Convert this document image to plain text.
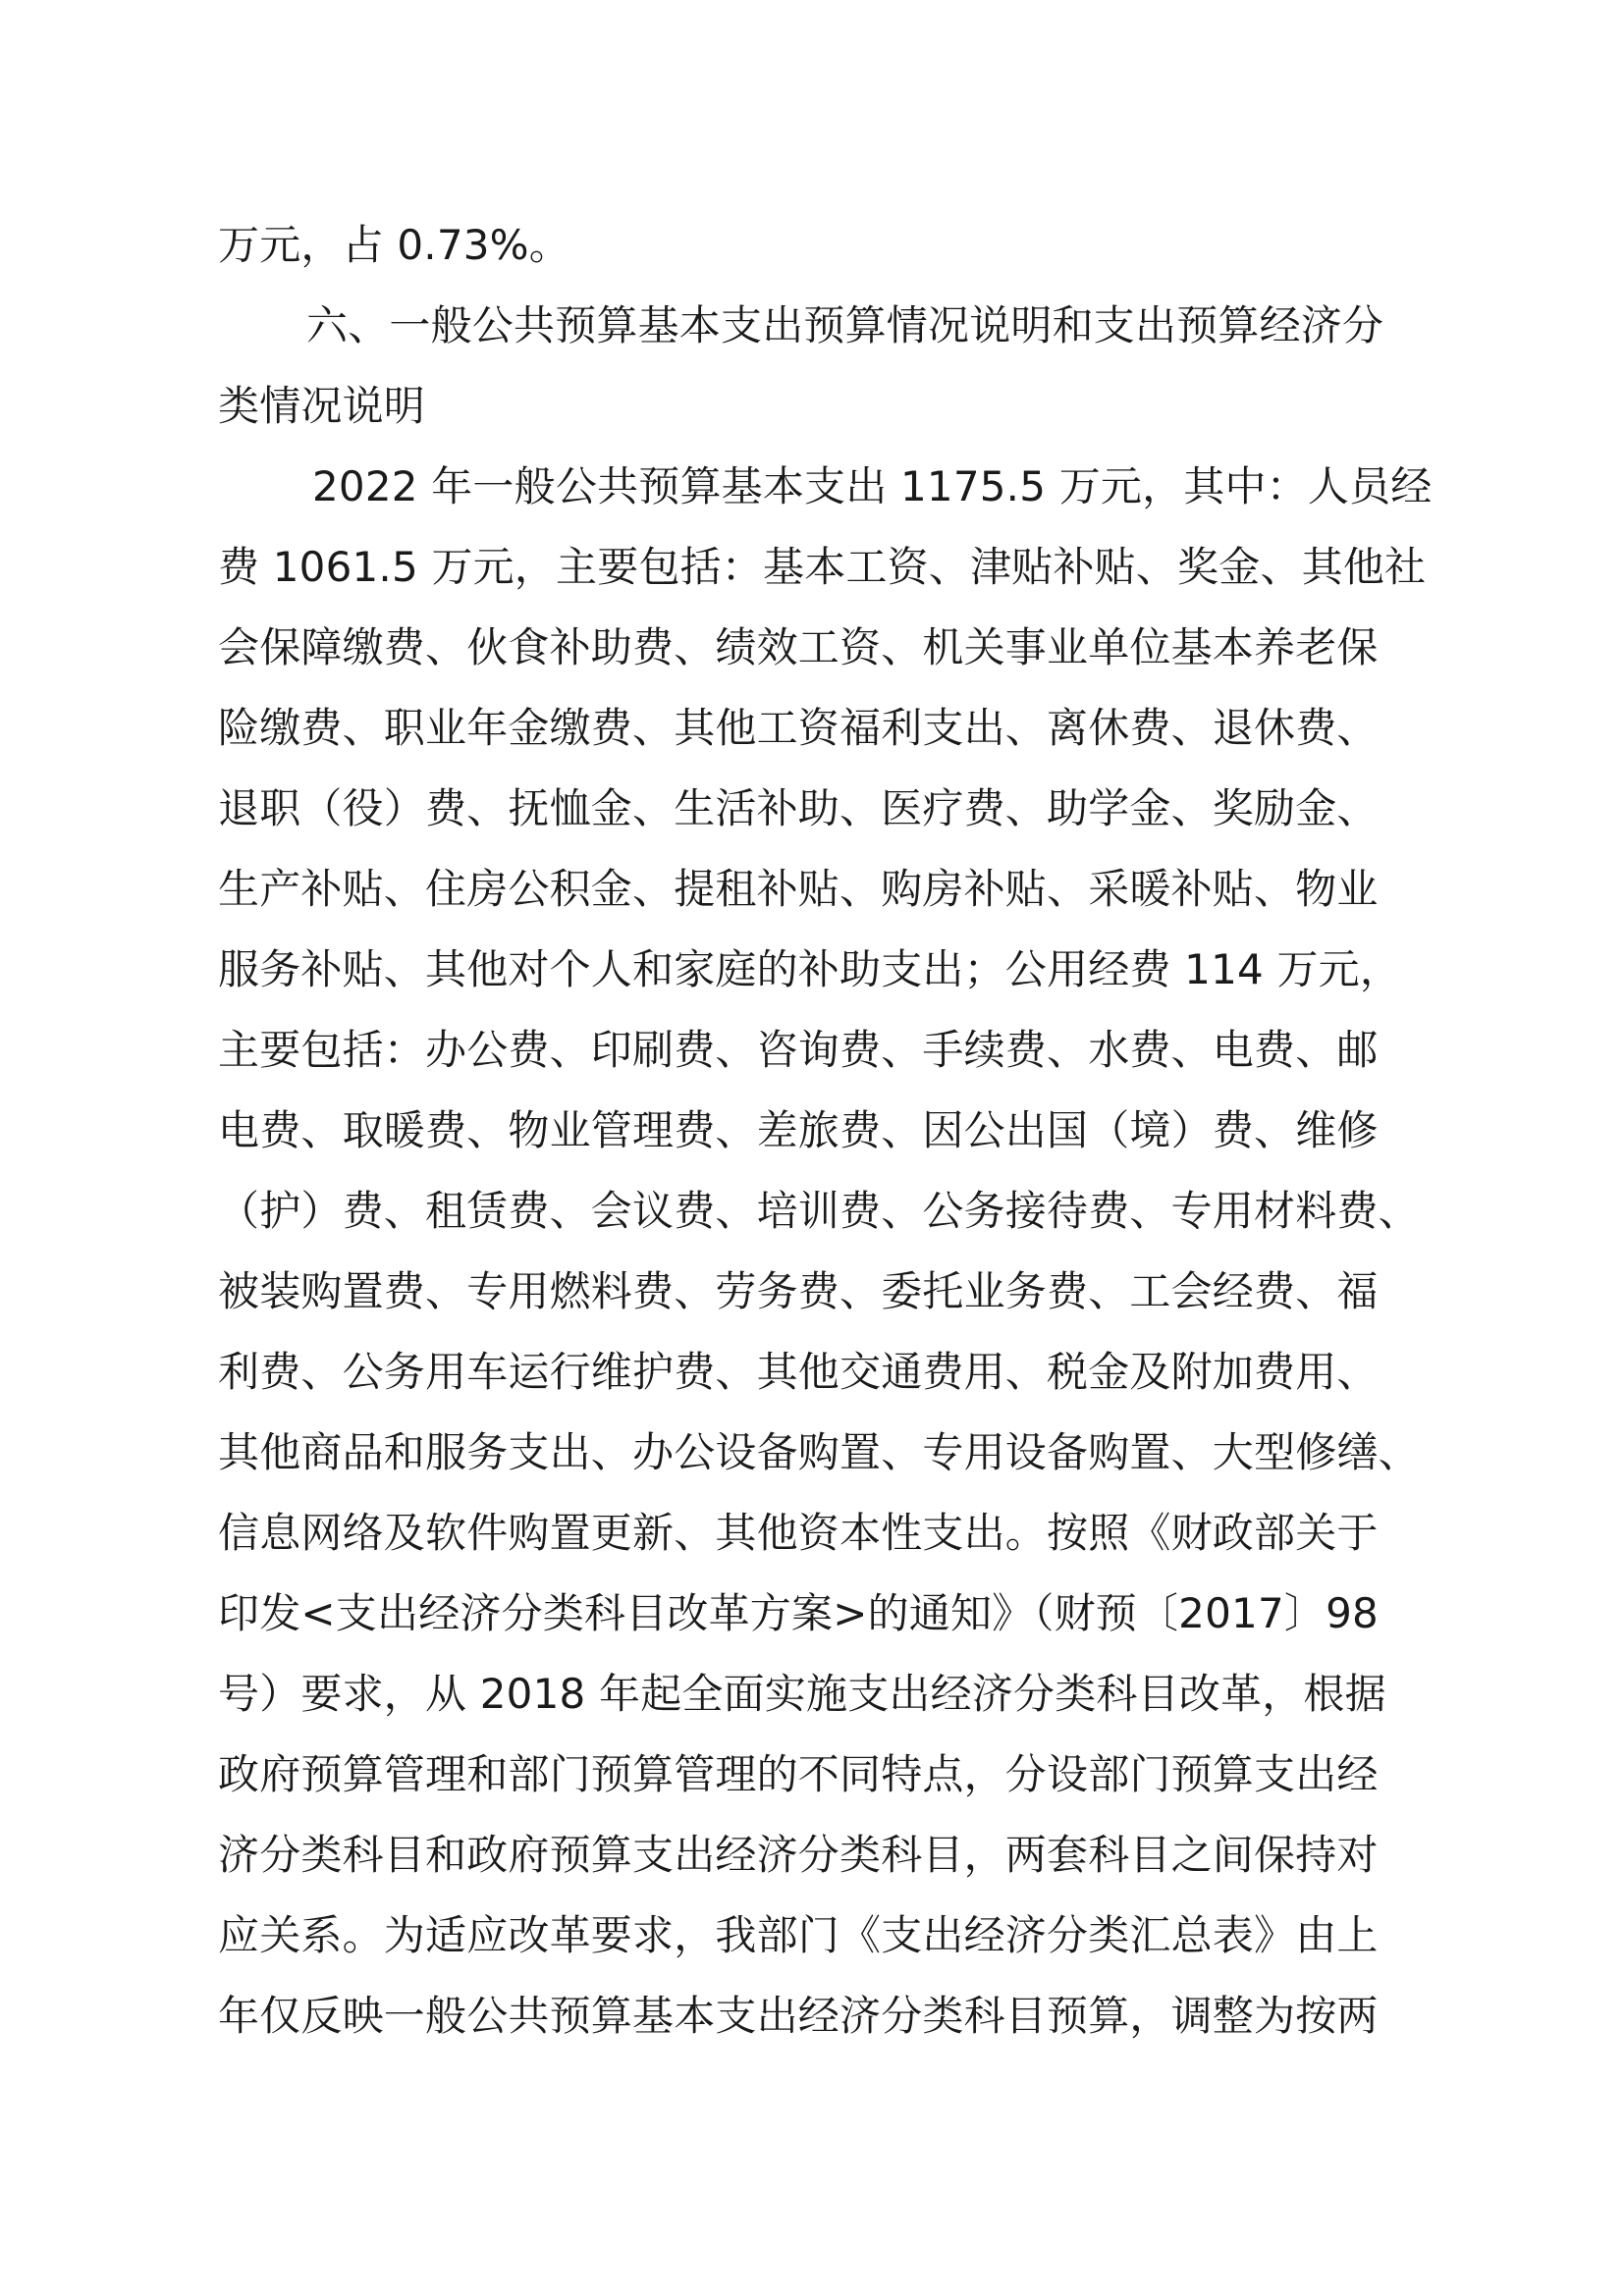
万元，占 0.73%。
六、一般公共预算基本支出预算情况说明和支出预算经济分
类情况说明
2022 年一般公共预算基本支出 1175.5 万元，其中：人员经
费 1061.5 万元，主要包括：基本工资、津贴补贴、奖金、其他社
会保障缴费、伙食补助费、绩效工资、机关事业单位基本养老保
险缴费、职业年金缴费、其他工资福利支出、离休费、退休费、
退职（役）费、抚恤金、生活补助、医疗费、助学金、奖励金、
生产补贴、住房公积金、提租补贴、购房补贴、采暖补贴、物业
服务补贴、其他对个人和家庭的补助支出；公用经费 114 万元，
主要包括：办公费、印刷费、咨询费、手续费、水费、电费、邮
电费、取暖费、物业管理费、差旅费、因公出国（境）费、维修
（护）费、租赁费、会议费、培训费、公务接待费、专用材料费、
被装购置费、专用燃料费、劳务费、委托业务费、工会经费、福
利费、公务用车运行维护费、其他交通费用、税金及附加费用、
其他商品和服务支出、办公设备购置、专用设备购置、大型修缮、
信息网络及软件购置更新、其他资本性支出。按照《财政部关于
印发<支出经济分类科目改革方案>的通知》（财预〔2017〕98
号）要求，从 2018 年起全面实施支出经济分类科目改革，根据
政府预算管理和部门预算管理的不同特点，分设部门预算支出经
济分类科目和政府预算支出经济分类科目，两套科目之间保持对
应关系。为适应改革要求，我部门《支出经济分类汇总表》由上
年仅反映一般公共预算基本支出经济分类科目预算，调整为按两
